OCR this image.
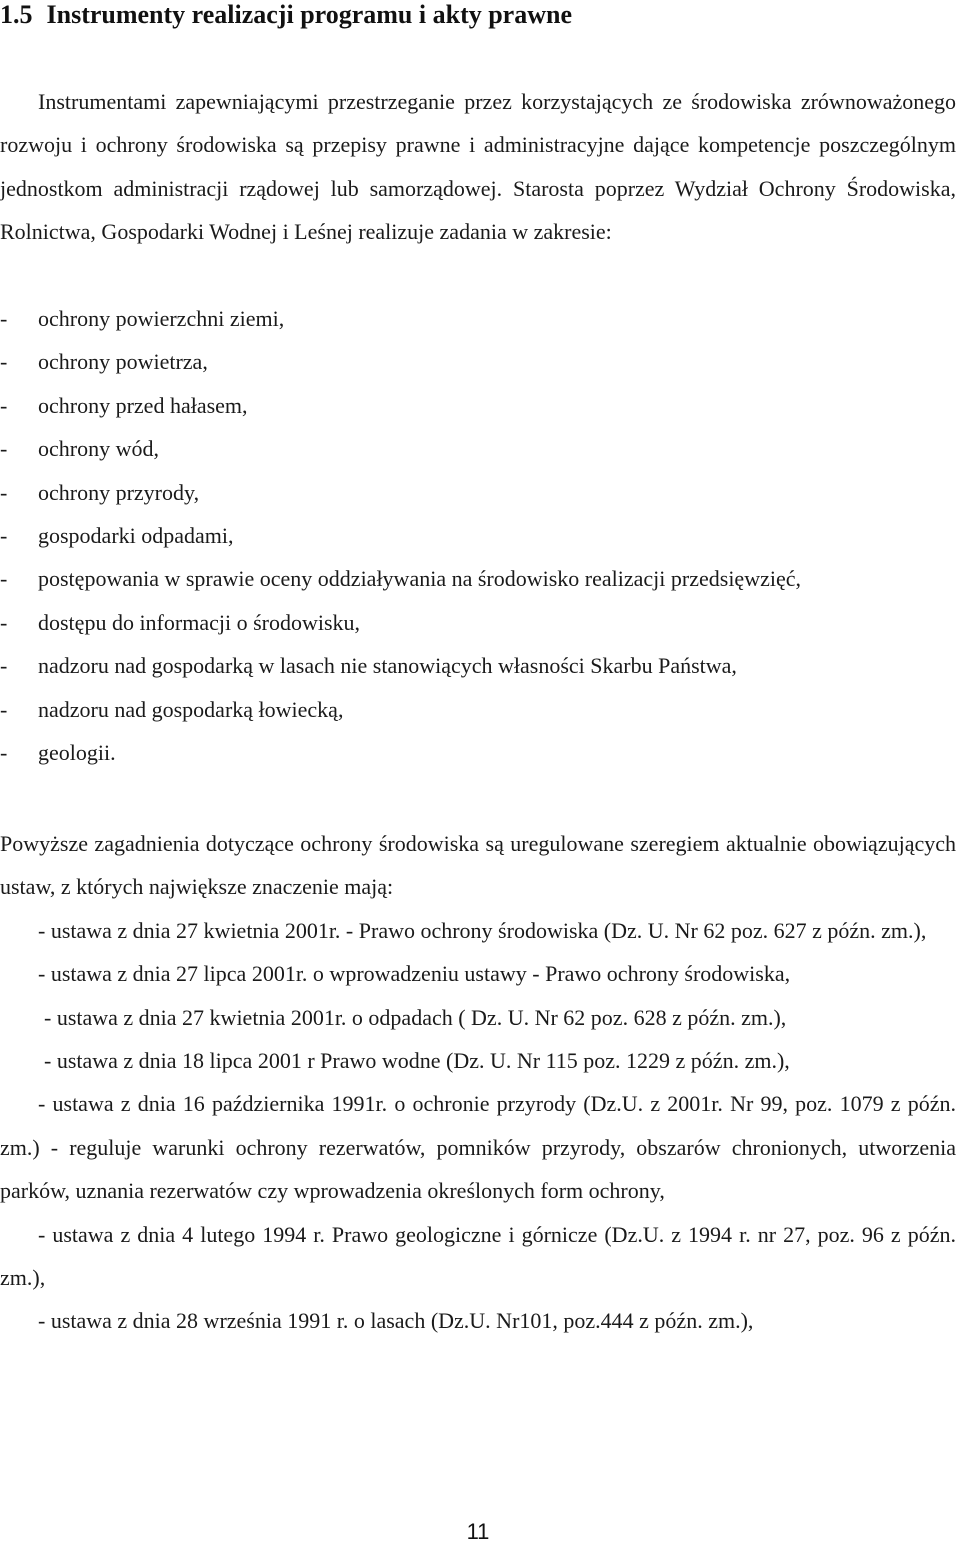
1.5 Instrumenty realizacji programu i akty prawne

Instrumentami zapewniającymi przestrzeganie przez korzystających ze środowiska zrównoważonego rozwoju i ochrony środowiska są przepisy prawne i administracyjne dające kompetencje poszczególnym jednostkom administracji rządowej lub samorządowej. Starosta poprzez Wydział Ochrony Środowiska, Rolnictwa, Gospodarki Wodnej i Leśnej realizuje zadania w zakresie:

- ochrony powierzchni ziemi,
- ochrony powietrza,
- ochrony przed hałasem,
- ochrony wód,
- ochrony przyrody,
- gospodarki odpadami,
- postępowania w sprawie oceny oddziaływania na środowisko realizacji przedsięwzięć,
- dostępu do informacji o środowisku,
- nadzoru nad gospodarką w lasach nie stanowiących własności Skarbu Państwa,
- nadzoru nad gospodarką łowiecką,
- geologii.

Powyższe zagadnienia dotyczące ochrony środowiska są uregulowane szeregiem aktualnie obowiązujących ustaw, z których największe znaczenie mają:

- ustawa z dnia 27 kwietnia 2001r. - Prawo ochrony środowiska (Dz. U. Nr 62 poz. 627 z późn. zm.),

- ustawa z dnia 27 lipca 2001r. o wprowadzeniu ustawy - Prawo ochrony środowiska,

- ustawa z dnia 27 kwietnia 2001r. o odpadach ( Dz. U. Nr 62 poz. 628 z późn. zm.),

- ustawa z dnia 18 lipca 2001 r Prawo wodne (Dz. U. Nr 115 poz. 1229 z późn. zm.),

- ustawa z dnia 16 października 1991r. o ochronie przyrody (Dz.U. z 2001r. Nr 99, poz. 1079 z późn. zm.) - reguluje warunki ochrony rezerwatów, pomników przyrody, obszarów chronionych, utworzenia parków, uznania rezerwatów czy wprowadzenia określonych form ochrony,

- ustawa z dnia 4 lutego 1994 r. Prawo geologiczne i górnicze (Dz.U. z 1994 r. nr 27, poz. 96 z późn. zm.),

- ustawa z dnia 28 września 1991 r. o lasach (Dz.U. Nr101, poz.444 z późn. zm.),

11
